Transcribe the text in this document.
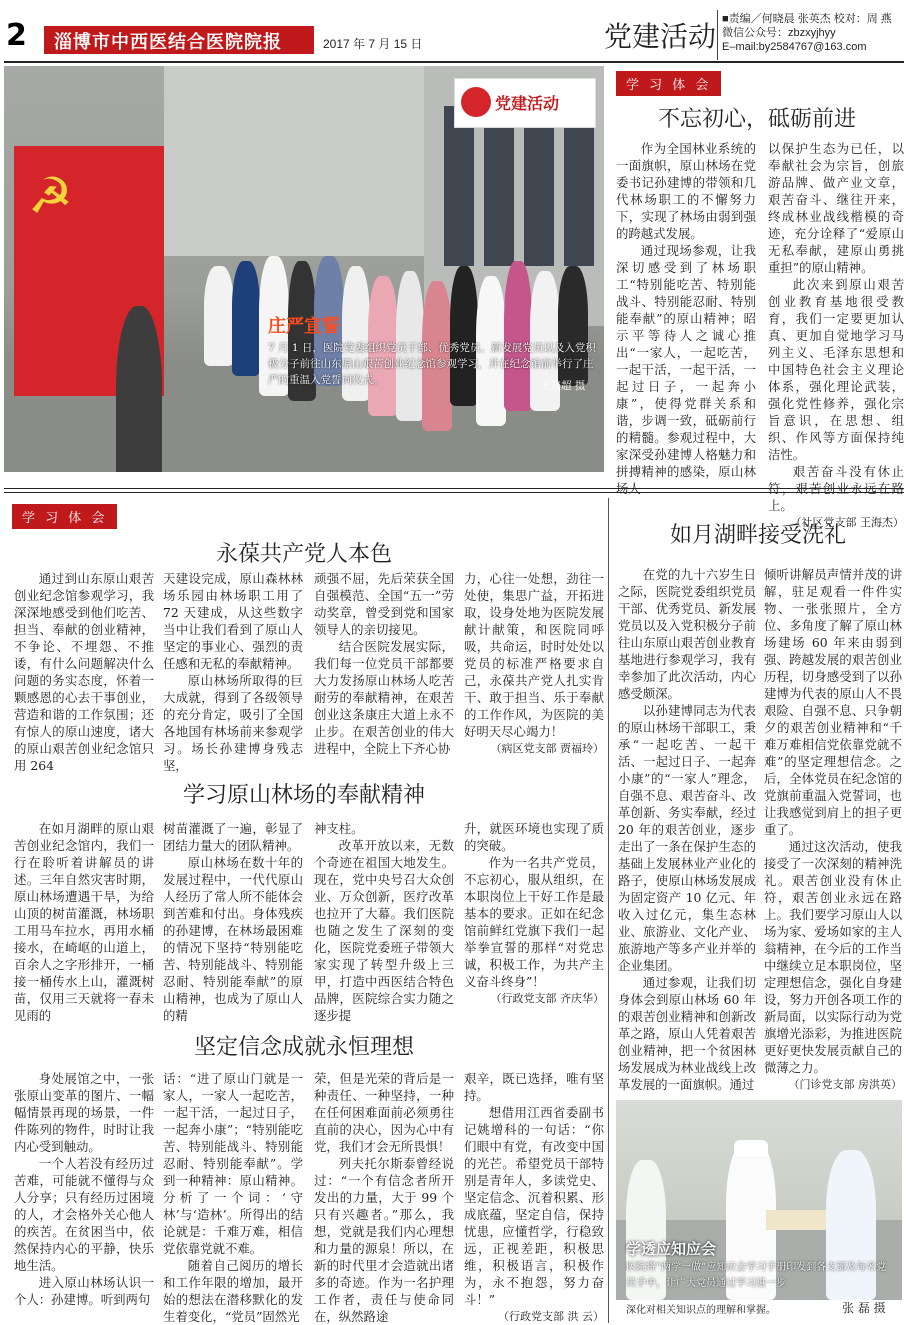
2 淄博市中西医结合医院院报	2017 年 7 月 15 日	党建活动
■责编／何晓晨 张英杰 校对：周 燕
微信公众号：zbzxyjhyy
E–mail:by2584767@163.com
☭
党建活动
庄严宣誓
7 月 1 日，医院党委组织党员干部、优秀党员、新发展党员以及入党积极分子前往山东原山艰苦创业纪念馆参观学习，并在纪念馆前举行了庄严的重温入党誓词仪式。	王其超 摄
学 习 体 会
不忘初心，砥砺前进

作为全国林业系统的一面旗帜，原山林场在党委书记孙建博的带领和几代林场职工的不懈努力下，实现了林场由弱到强的跨越式发展。

通过现场参观，让我深切感受到了林场职工“特别能吃苦、特别能战斗、特别能忍耐、特别能奉献”的原山精神；昭示平等待人之诚心推出“一家人，一起吃苦，一起干活，一起干活，一起过日子，一起奔小康”，使得党群关系和谐，步调一致，砥砺前行的精髓。参观过程中，大家深受孙建博人格魅力和拼搏精神的感染，原山林场人

以保护生态为已任，以奉献社会为宗旨，创旅游品牌、做产业文章，艰苦奋斗、继往开来，终成林业战线楷模的奇迹，充分诠释了“爱原山无私奉献，建原山勇挑重担”的原山精神。

此次来到原山艰苦创业教育基地很受教育，我们一定要更加认真、更加自觉地学习马列主义、毛泽东思想和中国特色社会主义理论体系，强化理论武装，强化党性修养，强化宗旨意识，在思想、组织、作风等方面保持纯洁性。

艰苦奋斗没有休止符，艰苦创业永远在路上。

（社区党支部 王海杰）
学 习 体 会
永葆共产党人本色

通过到山东原山艰苦创业纪念馆参观学习，我深深地感受到他们吃苦、担当、奉献的创业精神，不争论、不埋怨、不推诿，有什么问题解决什么问题的务实态度，怀着一颗感恩的心去干事创业，营造和谐的工作氛围；还有惊人的原山速度，诸大的原山艰苦创业纪念馆只用 264

天建设完成，原山森林林场乐园由林场职工用了 72 天建成，从这些数字当中让我们看到了原山人坚定的事业心、强烈的责任感和无私的奉献精神。

原山林场所取得的巨大成就，得到了各级领导的充分肯定，吸引了全国各地国有林场前来参观学习。场长孙建博身残志坚，

顽强不屈，先后荣获全国自强模范、全国“五一”劳动奖章，曾受到党和国家领导人的亲切接见。

结合医院发展实际，我们每一位党员干部都要大力发扬原山林场人吃苦耐劳的奉献精神，在艰苦创业这条康庄大道上永不止步。在艰苦创业的伟大进程中，全院上下齐心协

力，心往一处想，劲往一处使，集思广益，开拓进取，设身处地为医院发展献计献策，和医院同呼吸，共命运，时时处处以党员的标准严格要求自己，永葆共产党人扎实肯干、敢于担当、乐于奉献的工作作风，为医院的美好明天尽心竭力！

（病区党支部 贾福玲）
学习原山林场的奉献精神

在如月湖畔的原山艰苦创业纪念馆内，我们一行在聆听着讲解员的讲述。三年自然灾害时期，原山林场遭遇干旱，为给山顶的树苗灌溉，林场职工用马车拉水，再用水桶接水，在崎岖的山道上，百余人之字形排开，一桶接一桶传水上山，灌溉树苗，仅用三天就将一春未见雨的

树苗灌溉了一遍，彰显了团结力量大的团队精神。

原山林场在数十年的发展过程中，一代代原山人经历了常人所不能体会到苦难和付出。身体残疾的孙建博，在林场最困难的情况下坚持“特别能吃苦、特别能战斗、特别能忍耐、特别能奉献”的原山精神，也成为了原山人的精

神支柱。

改革开放以来，无数个奇迹在祖国大地发生。现在，党中央号召大众创业、万众创新，医疗改革也拉开了大幕。我们医院也随之发生了深刻的变化，医院党委班子带领大家实现了转型升级上三甲，打造中西医结合特色品牌，医院综合实力随之逐步提

升，就医环境也实现了质的突破。

作为一名共产党员，不忘初心，服从组织，在本职岗位上干好工作是最基本的要求。正如在纪念馆前鲜红党旗下我们一起举拳宣誓的那样“对党忠诚，积极工作，为共产主义奋斗终身”！

（行政党支部 齐庆华）
坚定信念成就永恒理想

身处展馆之中，一张张原山变革的图片、一幅幅情景再现的场景，一件件陈列的物件，时时让我内心受到触动。

一个人若没有经历过苦难，可能就不懂得与众人分享；只有经历过困境的人，才会格外关心他人的疾苦。在贫困当中，依然保持内心的平静，快乐地生活。

进入原山林场认识一个人：孙建博。听到两句

话：“进了原山门就是一家人，一家人一起吃苦，一起干活，一起过日子，一起奔小康”；“特别能吃苦、特别能战斗、特别能忍耐、特别能奉献”。学到一种精神：原山精神。分析了一个词：‘守林’与‘造林’。所得出的结论就是：千难万难，相信党依靠党就不难。

随着自己阅历的增长和工作年限的增加，最开始的想法在潜移默化的发生着变化，“党员”固然光

荣，但是光荣的背后是一种责任、一种坚持，一种在任何困难面前必须勇往直前的决心，因为心中有党，我们才会无所畏惧！

列夫托尔斯泰曾经说过：“一个有信念者所开发出的力量，大于 99 个只有兴趣者。”那么，我想，党就是我们内心理想和力量的源泉！所以，在新的时代里才会造就出诸多的奇迹。作为一名护理工作者，责任与使命同在，纵然路途

艰辛，既已选择，唯有坚持。

想借用江西省委副书记姚增科的一句话：“你们眼中有党，有改变中国的光芒。希望党员干部特别是青年人，多读党史、坚定信念、沉着积累、形成底蕴，坚定自信，保持忧患，应懂哲学，行稳致远，正视差距，积极思维，积极语言，积极作为，永不抱怨，努力奋斗！”

（行政党支部 洪 云）
如月湖畔接受洗礼

在党的九十六岁生日之际，医院党委组织党员干部、优秀党员、新发展党员以及入党积极分子前往山东原山艰苦创业教育基地进行参观学习，我有幸参加了此次活动，内心感受颇深。

以孙建博同志为代表的原山林场干部职工，秉承“一起吃苦、一起干活、一起过日子、一起奔小康”的“一家人”理念，自强不息、艰苦奋斗、改革创新、务实奉献，经过 20 年的艰苦创业，逐步走出了一条在保护生态的基础上发展林业产业化的路子，使原山林场发展成为固定资产 10 亿元、年收入过亿元，集生态林业、旅游业、文化产业、旅游地产等多产业并举的企业集团。

通过参观，让我们切身体会到原山林场 60 年的艰苦创业精神和创新改革之路，原山人凭着艰苦创业精神，把一个贫困林场发展成为林业战线上改革发展的一面旗帜。通过

倾听讲解员声情并茂的讲解，驻足观看一件件实物、一张张照片，全方位、多角度了解了原山林场建场 60 年来由弱到强、跨越发展的艰苦创业历程，切身感受到了以孙建博为代表的原山人不畏艰险、自强不息、只争朝夕的艰苦创业精神和“千难万难相信党依靠党就不难”的坚定理想信念。之后，全体党员在纪念馆的党旗前重温入党誓词，也让我感觉到肩上的担子更重了。

通过这次活动，使我接受了一次深刻的精神洗礼。艰苦创业没有休止符，艰苦创业永远在路上。我们要学习原山人以场为家、爱场如家的主人翁精神，在今后的工作当中继续立足本职岗位，坚定理想信念，强化自身建设，努力开创各项工作的新局面，以实际行动为党旗增光添彩，为推进医院更好更快发展贡献自己的微薄之力。

（门诊党支部 房洪英）
学透应知应会
医院将“两学一做”应知应会学习手册印发到各支部及每名党员手中，让广大党员通过学习进一步
深化对相关知识点的理解和掌握。	张 磊 摄
